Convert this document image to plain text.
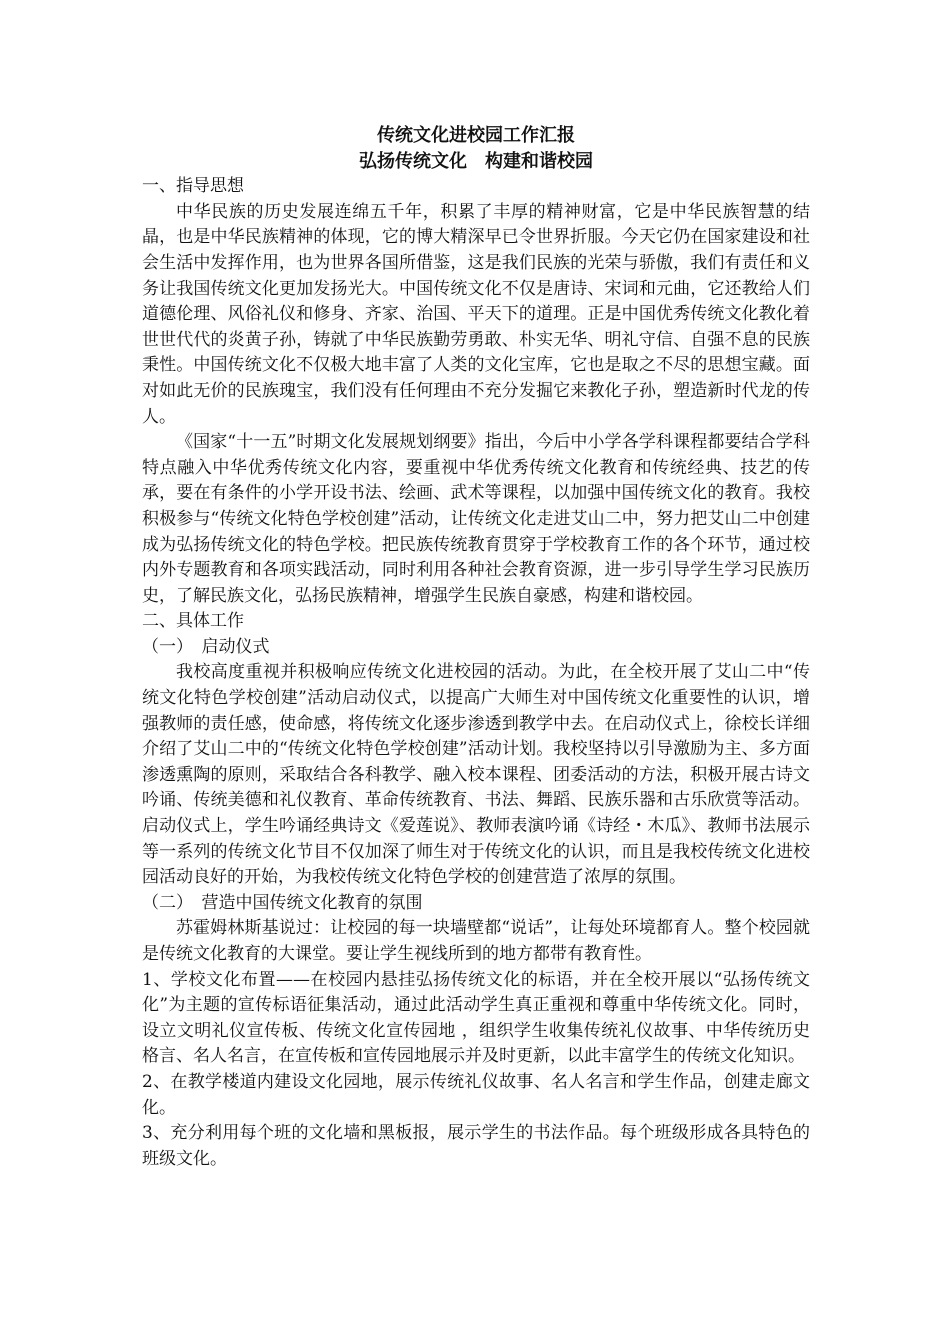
传统文化进校园工作汇报

弘扬传统文化　构建和谐校园

一、指导思想

中华民族的历史发展连绵五千年，积累了丰厚的精神财富，它是中华民族智慧的结晶，也是中华民族精神的体现，它的博大精深早已令世界折服。今天它仍在国家建设和社会生活中发挥作用，也为世界各国所借鉴，这是我们民族的光荣与骄傲，我们有责任和义务让我国传统文化更加发扬光大。中国传统文化不仅是唐诗、宋词和元曲，它还教给人们道德伦理、风俗礼仪和修身、齐家、治国、平天下的道理。正是中国优秀传统文化教化着世世代代的炎黄子孙，铸就了中华民族勤劳勇敢、朴实无华、明礼守信、自强不息的民族秉性。中国传统文化不仅极大地丰富了人类的文化宝库，它也是取之不尽的思想宝藏。面对如此无价的民族瑰宝，我们没有任何理由不充分发掘它来教化子孙，塑造新时代龙的传人。

《国家“十一五”时期文化发展规划纲要》指出，今后中小学各学科课程都要结合学科特点融入中华优秀传统文化内容，要重视中华优秀传统文化教育和传统经典、技艺的传承，要在有条件的小学开设书法、绘画、武术等课程，以加强中国传统文化的教育。我校积极参与“传统文化特色学校创建”活动，让传统文化走进艾山二中，努力把艾山二中创建成为弘扬传统文化的特色学校。把民族传统教育贯穿于学校教育工作的各个环节，通过校内外专题教育和各项实践活动，同时利用各种社会教育资源，进一步引导学生学习民族历史，了解民族文化，弘扬民族精神，增强学生民族自豪感，构建和谐校园。

二、具体工作

（一）　启动仪式

我校高度重视并积极响应传统文化进校园的活动。为此，在全校开展了艾山二中“传统文化特色学校创建”活动启动仪式，以提高广大师生对中国传统文化重要性的认识，增强教师的责任感，使命感，将传统文化逐步渗透到教学中去。在启动仪式上，徐校长详细介绍了艾山二中的“传统文化特色学校创建”活动计划。我校坚持以引导激励为主、多方面渗透熏陶的原则，采取结合各科教学、融入校本课程、团委活动的方法，积极开展古诗文吟诵、传统美德和礼仪教育、革命传统教育、书法、舞蹈、民族乐器和古乐欣赏等活动。启动仪式上，学生吟诵经典诗文《爱莲说》、教师表演吟诵《诗经・木瓜》、教师书法展示等一系列的传统文化节目不仅加深了师生对于传统文化的认识，而且是我校传统文化进校园活动良好的开始，为我校传统文化特色学校的创建营造了浓厚的氛围。

（二）　营造中国传统文化教育的氛围

苏霍姆林斯基说过：让校园的每一块墙壁都“说话”，让每处环境都育人。整个校园就是传统文化教育的大课堂。要让学生视线所到的地方都带有教育性。

1、学校文化布置——在校园内悬挂弘扬传统文化的标语，并在全校开展以“弘扬传统文化”为主题的宣传标语征集活动，通过此活动学生真正重视和尊重中华传统文化。同时，设立文明礼仪宣传板、传统文化宣传园地 ，组织学生收集传统礼仪故事、中华传统历史格言、名人名言，在宣传板和宣传园地展示并及时更新，以此丰富学生的传统文化知识。

2、在教学楼道内建设文化园地，展示传统礼仪故事、名人名言和学生作品，创建走廊文化。

3、充分利用每个班的文化墙和黑板报，展示学生的书法作品。每个班级形成各具特色的班级文化。
